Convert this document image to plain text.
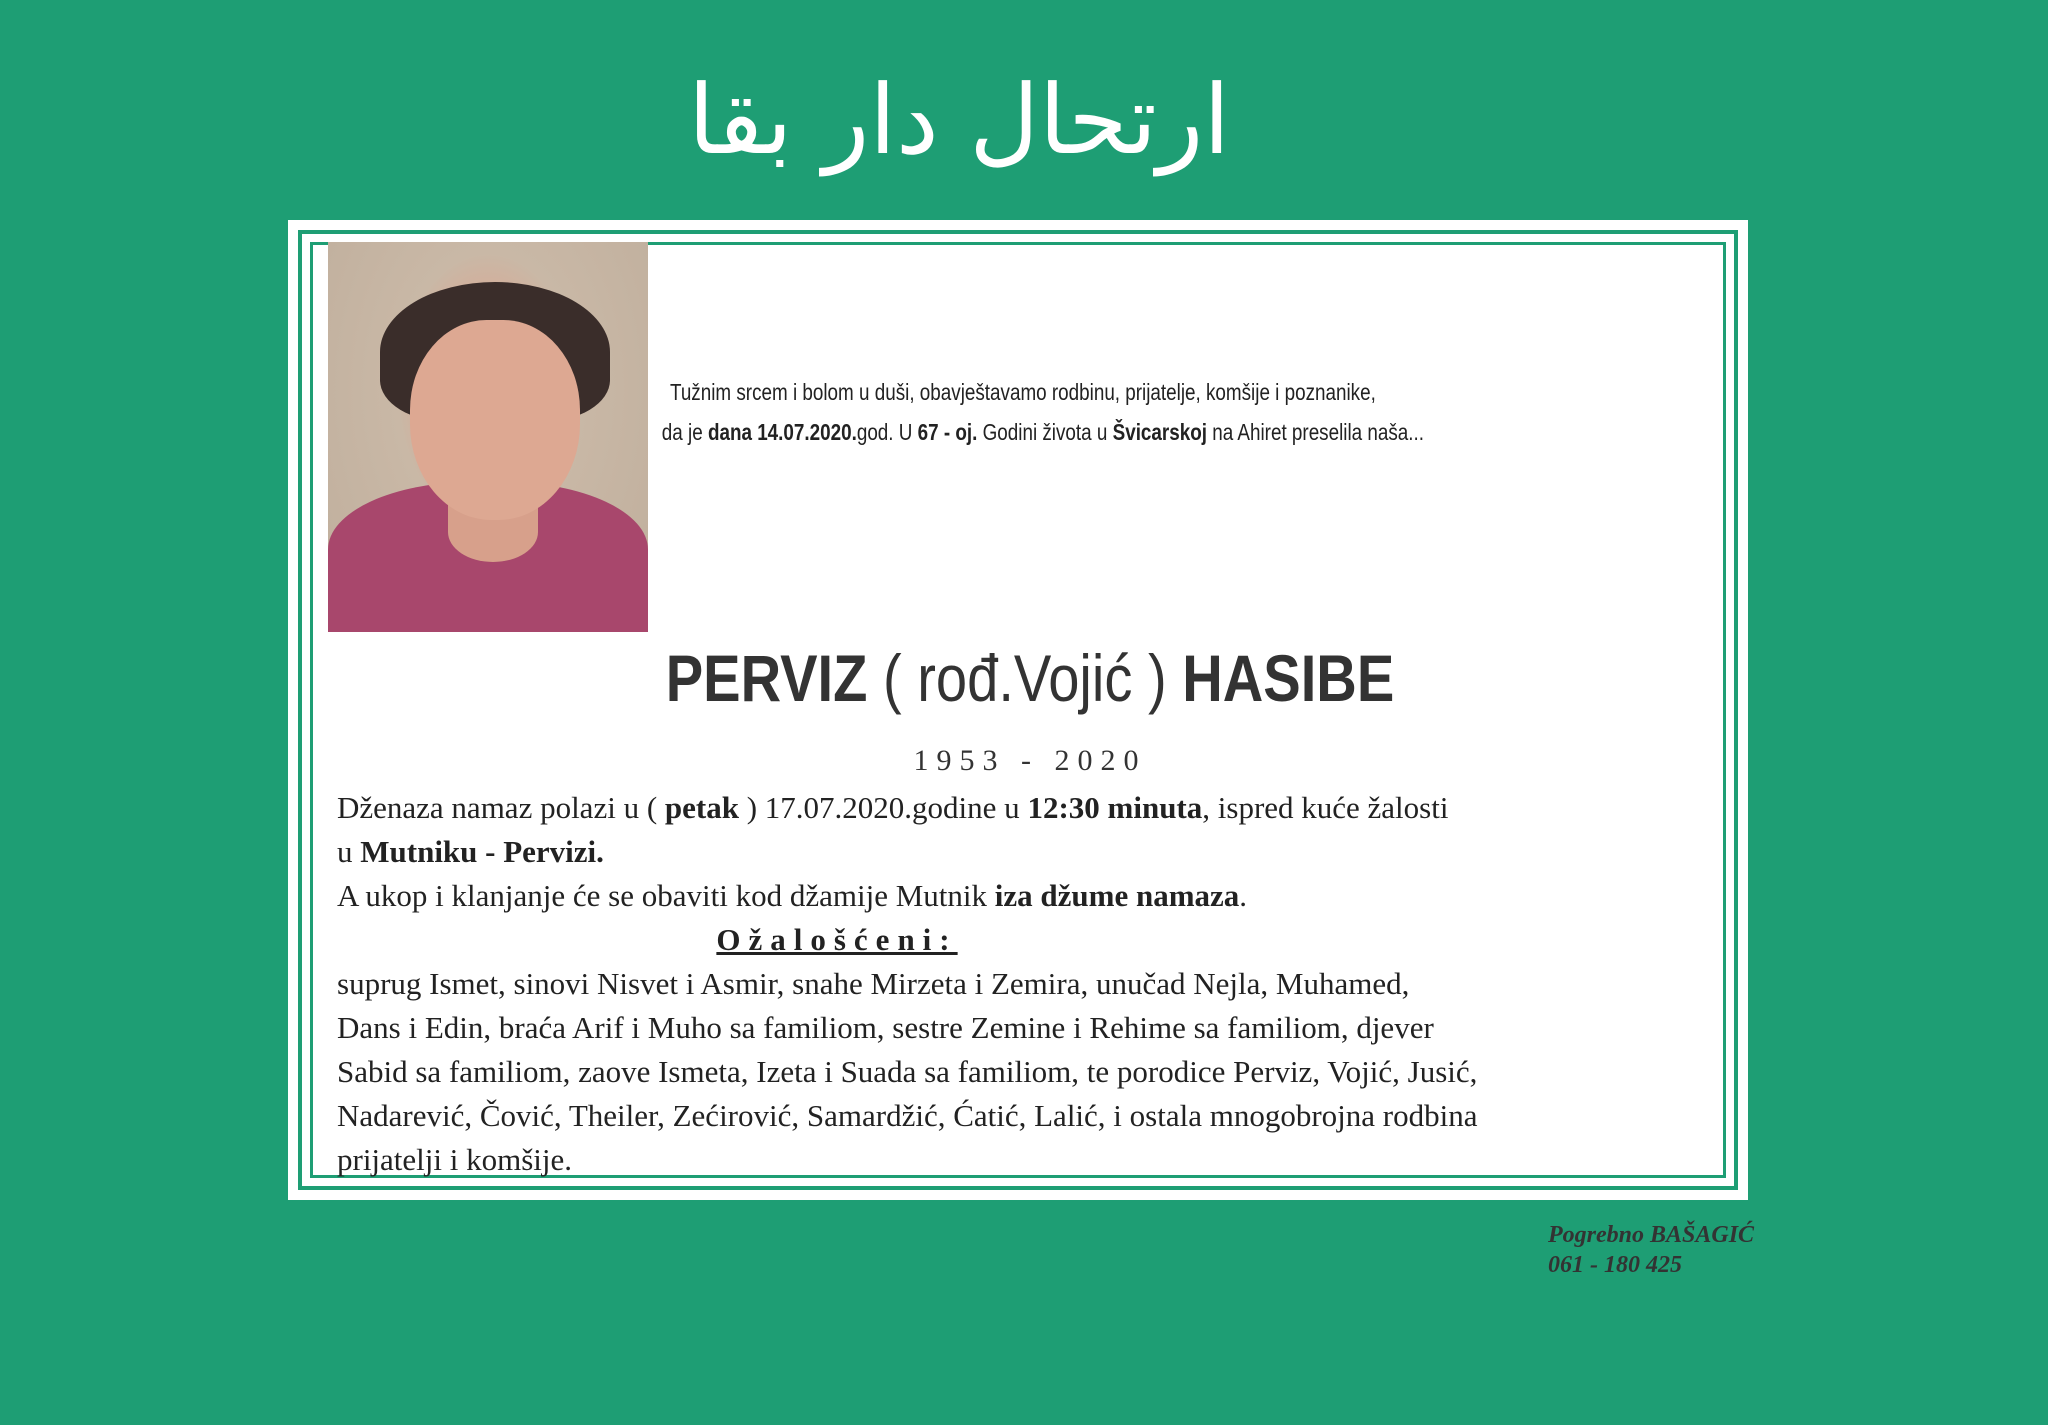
ارتحال دار بقا
Tužnim srcem i bolom u duši, obavještavamo rodbinu, prijatelje, komšije i poznanike,
da je dana 14.07.2020.god. U 67 - oj. Godini života u Švicarskoj na Ahiret preselila naša...
PERVIZ ( rođ.Vojić ) HASIBE
1953 - 2020

Dženaza namaz polazi u ( petak ) 17.07.2020.godine u 12:30 minuta, ispred kuće žalosti

u Mutniku - Pervizi.

A ukop i klanjanje će se obaviti kod džamije Mutnik iza džume namaza.

Ožalošćeni:

suprug Ismet, sinovi Nisvet i Asmir, snahe Mirzeta i Zemira, unučad Nejla, Muhamed,

Dans i Edin, braća Arif i Muho sa familiom, sestre Zemine i Rehime sa familiom, djever

Sabid sa familiom, zaove Ismeta, Izeta i Suada sa familiom, te porodice Perviz, Vojić, Jusić,

Nadarević, Čović, Theiler, Zećirović, Samardžić, Ćatić, Lalić, i ostala mnogobrojna rodbina

prijatelji i komšije.

Pogrebno BAŠAGIĆ
061 - 180 425
